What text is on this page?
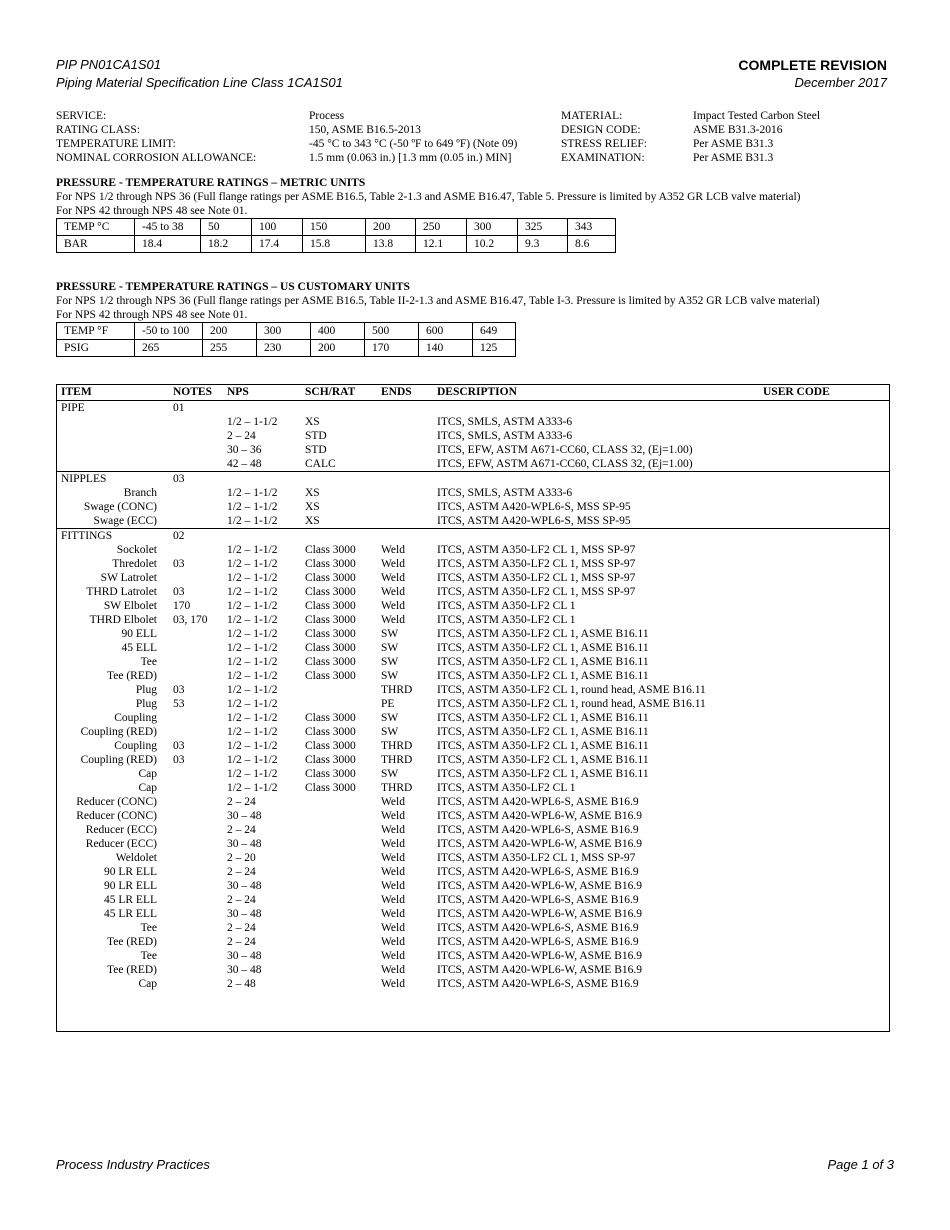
PIP PN01CA1S01
Piping Material Specification Line Class 1CA1S01
COMPLETE REVISION
December 2017
SERVICE:	Process	MATERIAL:	Impact Tested Carbon Steel
RATING CLASS:	150, ASME B16.5-2013	DESIGN CODE:	ASME B31.3-2016
TEMPERATURE LIMIT:	-45 °C to 343 °C (-50 ºF to 649 ºF) (Note 09)	STRESS RELIEF:	Per ASME B31.3
NOMINAL CORROSION ALLOWANCE:	1.5 mm (0.063 in.) [1.3 mm (0.05 in.) MIN]	EXAMINATION:	Per ASME B31.3
PRESSURE - TEMPERATURE RATINGS – METRIC UNITS

For NPS 1/2 through NPS 36 (Full flange ratings per ASME B16.5, Table 2-1.3 and ASME B16.47, Table 5. Pressure is limited by A352 GR LCB valve material)

For NPS 42 through NPS 48 see Note 01.

TEMP °C	-45 to 38	50	100	150	200	250	300	325	343
BAR	18.4	18.2	17.4	15.8	13.8	12.1	10.2	9.3	8.6
PRESSURE - TEMPERATURE RATINGS – US CUSTOMARY UNITS

For NPS 1/2 through NPS 36 (Full flange ratings per ASME B16.5, Table II-2-1.3 and ASME B16.47, Table I-3. Pressure is limited by A352 GR LCB valve material)

For NPS 42 through NPS 48 see Note 01.

TEMP °F	-50 to 100	200	300	400	500	600	649
PSIG	265	255	230	200	170	140	125
ITEM	NOTES	NPS	SCH/RAT	ENDS	DESCRIPTION	USER CODE
PIPE	01
1/2 – 1-1/2	XS	ITCS, SMLS, ASTM A333-6
2 – 24	STD	ITCS, SMLS, ASTM A333-6
30 – 36	STD	ITCS, EFW, ASTM A671-CC60, CLASS 32, (Ej=1.00)
42 – 48	CALC	ITCS, EFW, ASTM A671-CC60, CLASS 32, (Ej=1.00)
NIPPLES	03
Branch	1/2 – 1-1/2	XS	ITCS, SMLS, ASTM A333-6
Swage (CONC)	1/2 – 1-1/2	XS	ITCS, ASTM A420-WPL6-S, MSS SP-95
Swage (ECC)	1/2 – 1-1/2	XS	ITCS, ASTM A420-WPL6-S, MSS SP-95
FITTINGS	02
Sockolet	1/2 – 1-1/2	Class 3000	Weld	ITCS, ASTM A350-LF2 CL 1, MSS SP-97
Thredolet	03	1/2 – 1-1/2	Class 3000	Weld	ITCS, ASTM A350-LF2 CL 1, MSS SP-97
SW Latrolet	1/2 – 1-1/2	Class 3000	Weld	ITCS, ASTM A350-LF2 CL 1, MSS SP-97
THRD Latrolet	03	1/2 – 1-1/2	Class 3000	Weld	ITCS, ASTM A350-LF2 CL 1, MSS SP-97
SW Elbolet	170	1/2 – 1-1/2	Class 3000	Weld	ITCS, ASTM A350-LF2 CL 1
THRD Elbolet	03, 170	1/2 – 1-1/2	Class 3000	Weld	ITCS, ASTM A350-LF2 CL 1
90 ELL	1/2 – 1-1/2	Class 3000	SW	ITCS, ASTM A350-LF2 CL 1, ASME B16.11
45 ELL	1/2 – 1-1/2	Class 3000	SW	ITCS, ASTM A350-LF2 CL 1, ASME B16.11
Tee	1/2 – 1-1/2	Class 3000	SW	ITCS, ASTM A350-LF2 CL 1, ASME B16.11
Tee (RED)	1/2 – 1-1/2	Class 3000	SW	ITCS, ASTM A350-LF2 CL 1, ASME B16.11
Plug	03	1/2 – 1-1/2	THRD	ITCS, ASTM A350-LF2 CL 1, round head, ASME B16.11
Plug	53	1/2 – 1-1/2	PE	ITCS, ASTM A350-LF2 CL 1, round head, ASME B16.11
Coupling	1/2 – 1-1/2	Class 3000	SW	ITCS, ASTM A350-LF2 CL 1, ASME B16.11
Coupling (RED)	1/2 – 1-1/2	Class 3000	SW	ITCS, ASTM A350-LF2 CL 1, ASME B16.11
Coupling	03	1/2 – 1-1/2	Class 3000	THRD	ITCS, ASTM A350-LF2 CL 1, ASME B16.11
Coupling (RED)	03	1/2 – 1-1/2	Class 3000	THRD	ITCS, ASTM A350-LF2 CL 1, ASME B16.11
Cap	1/2 – 1-1/2	Class 3000	SW	ITCS, ASTM A350-LF2 CL 1, ASME B16.11
Cap	1/2 – 1-1/2	Class 3000	THRD	ITCS, ASTM A350-LF2 CL 1
Reducer (CONC)	2 – 24	Weld	ITCS, ASTM A420-WPL6-S, ASME B16.9
Reducer (CONC)	30 – 48	Weld	ITCS, ASTM A420-WPL6-W, ASME B16.9
Reducer (ECC)	2 – 24	Weld	ITCS, ASTM A420-WPL6-S, ASME B16.9
Reducer (ECC)	30 – 48	Weld	ITCS, ASTM A420-WPL6-W, ASME B16.9
Weldolet	2 – 20	Weld	ITCS, ASTM A350-LF2 CL 1, MSS SP-97
90 LR ELL	2 – 24	Weld	ITCS, ASTM A420-WPL6-S, ASME B16.9
90 LR ELL	30 – 48	Weld	ITCS, ASTM A420-WPL6-W, ASME B16.9
45 LR ELL	2 – 24	Weld	ITCS, ASTM A420-WPL6-S, ASME B16.9
45 LR ELL	30 – 48	Weld	ITCS, ASTM A420-WPL6-W, ASME B16.9
Tee	2 – 24	Weld	ITCS, ASTM A420-WPL6-S, ASME B16.9
Tee (RED)	2 – 24	Weld	ITCS, ASTM A420-WPL6-S, ASME B16.9
Tee	30 – 48	Weld	ITCS, ASTM A420-WPL6-W, ASME B16.9
Tee (RED)	30 – 48	Weld	ITCS, ASTM A420-WPL6-W, ASME B16.9
Cap	2 – 48	Weld	ITCS, ASTM A420-WPL6-S, ASME B16.9
Process Industry Practices	Page 1 of 3
